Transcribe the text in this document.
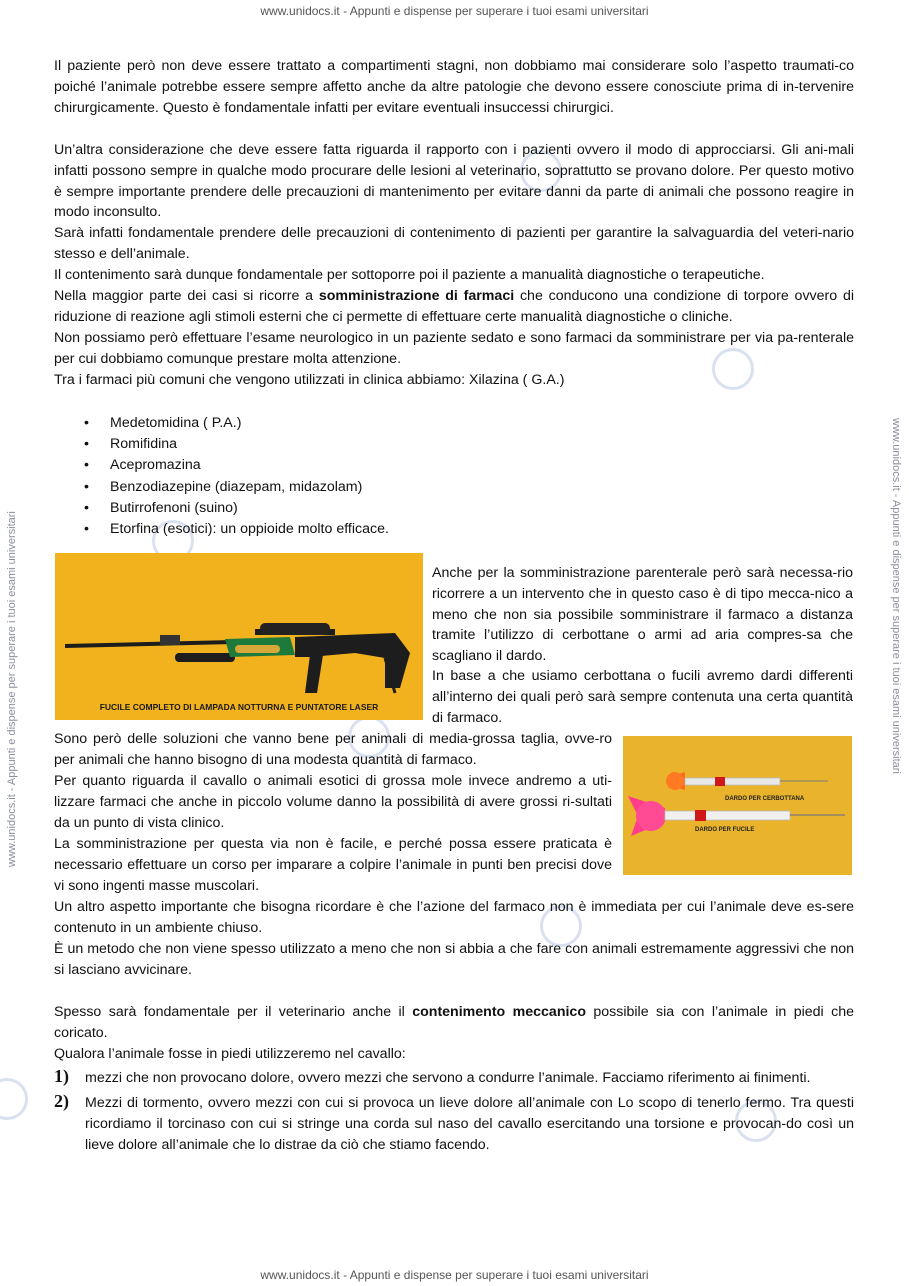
www.unidocs.it - Appunti e dispense per superare i tuoi esami universitari
www.unidocs.it - Appunti e dispense per superare i tuoi esami universitari	www.unidocs.it - Appunti e dispense per superare i tuoi esami universitari
Il paziente però non deve essere trattato a compartimenti stagni, non dobbiamo mai considerare solo l’aspetto traumati-co poiché l’animale potrebbe essere sempre affetto anche da altre patologie che devono essere conosciute prima di in-tervenire chirurgicamente. Questo è fondamentale infatti per evitare eventuali insuccessi chirurgici.
Un’altra considerazione che deve essere fatta riguarda il rapporto con i pazienti ovvero il modo di approcciarsi. Gli ani-mali infatti possono sempre in qualche modo procurare delle lesioni al veterinario, soprattutto se provano dolore. Per questo motivo è sempre importante prendere delle precauzioni di mantenimento per evitare danni da parte di animali che possono reagire in modo inconsulto.
Sarà infatti fondamentale prendere delle precauzioni di contenimento di pazienti per garantire la salvaguardia del veteri-nario stesso e dell’animale.
Il contenimento sarà dunque fondamentale per sottoporre poi il paziente a manualità diagnostiche o terapeutiche.
Nella maggior parte dei casi si ricorre a somministrazione di farmaci che conducono una condizione di torpore ovvero di riduzione di reazione agli stimoli esterni che ci permette di effettuare certe manualità diagnostiche o cliniche.
Non possiamo però effettuare l’esame neurologico in un paziente sedato e sono farmaci da somministrare per via pa-renterale per cui dobbiamo comunque prestare molta attenzione.
Tra i farmaci più comuni che vengono utilizzati in clinica abbiamo: Xilazina ( G.A.)
• Medetomidina ( P.A.)
• Romifidina
• Acepromazina
• Benzodiazepine (diazepam, midazolam)
• Butirrofenoni (suino)
• Etorfina (esotici): un oppioide molto efficace.
FUCILE COMPLETO DI LAMPADA NOTTURNA E PUNTATORE LASER
Anche per la somministrazione parenterale però sarà necessa-rio ricorrere a un intervento che in questo caso è di tipo mecca-nico a meno che non sia possibile somministrare il farmaco a distanza tramite l’utilizzo di cerbottane o armi ad aria compres-sa che scagliano il dardo.
In base a che usiamo cerbottana o fucili avremo dardi differenti all’interno dei quali però sarà sempre contenuta una certa quantità di farmaco.
DARDO PER CERBOTTANA
DARDO PER FUCILE
Sono però delle soluzioni che vanno bene per animali di media-grossa taglia, ovve-ro per animali che hanno bisogno di una modesta quantità di farmaco.
Per quanto riguarda il cavallo o animali esotici di grossa mole invece andremo a uti-lizzare farmaci che anche in piccolo volume danno la possibilità di avere grossi ri-sultati da un punto di vista clinico.
La somministrazione per questa via non è facile, e perché possa essere praticata è necessario effettuare un corso per imparare a colpire l’animale in punti ben precisi dove vi sono ingenti masse muscolari.
Un altro aspetto importante che bisogna ricordare è che l’azione del farmaco non è immediata per cui l’animale deve es-sere contenuto in un ambiente chiuso.
È un metodo che non viene spesso utilizzato a meno che non si abbia a che fare con animali estremamente aggressivi che non si lasciano avvicinare.
Spesso sarà fondamentale per il veterinario anche il contenimento meccanico possibile sia con l’animale in piedi che coricato.
Qualora l’animale fosse in piedi utilizzeremo nel cavallo:
1) mezzi che non provocano dolore, ovvero mezzi che servono a condurre l’animale. Facciamo riferimento ai finimenti.
2) Mezzi di tormento, ovvero mezzi con cui si provoca un lieve dolore all’animale con Lo scopo di tenerlo fermo. Tra questi ricordiamo il torcinaso con cui si stringe una corda sul naso del cavallo esercitando una torsione e provocan-do così un lieve dolore all’animale che lo distrae da ciò che stiamo facendo.
www.unidocs.it - Appunti e dispense per superare i tuoi esami universitari
